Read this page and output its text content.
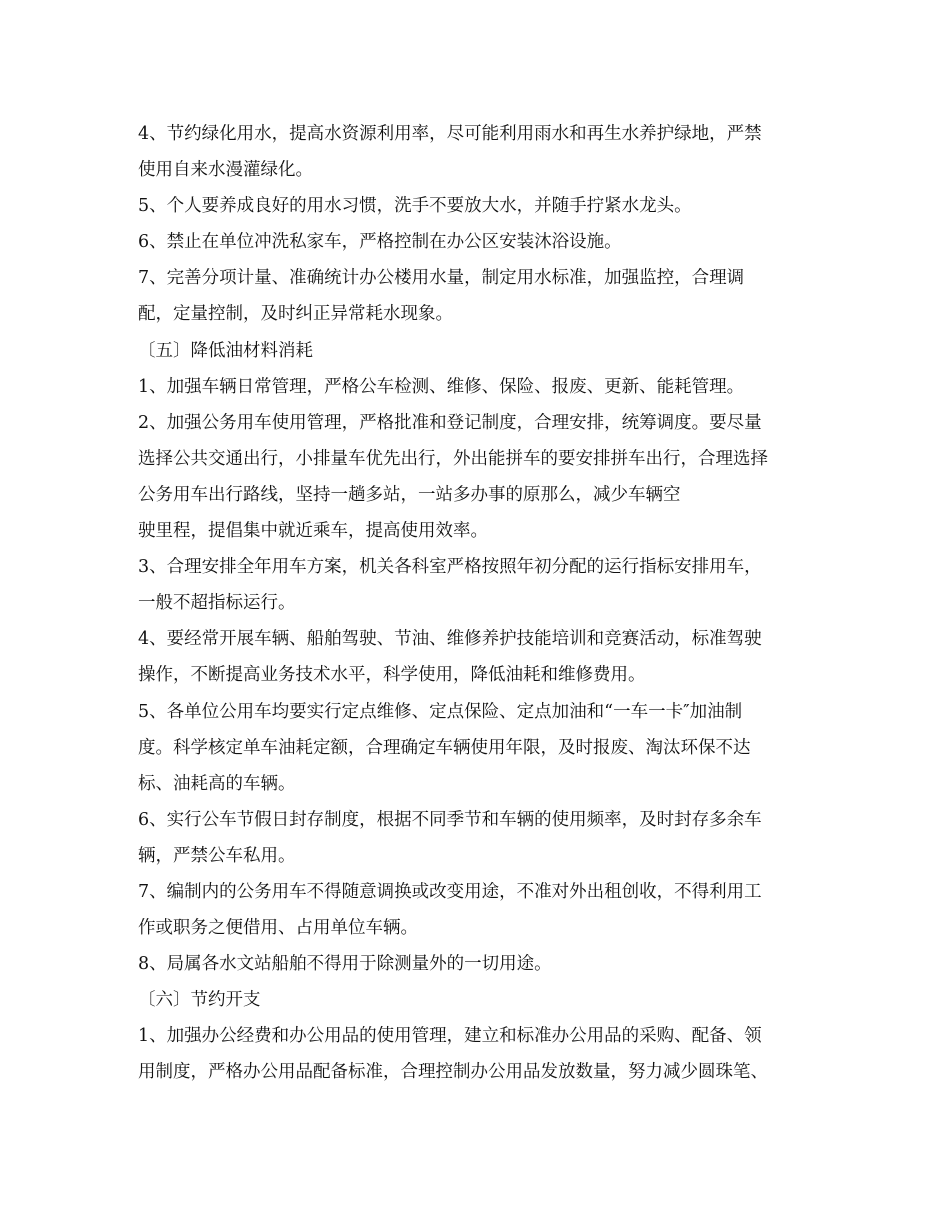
4、节约绿化用水，提高水资源利用率，尽可能利用雨水和再生水养护绿地，严禁
使用自来水漫灌绿化。
5、个人要养成良好的用水习惯，洗手不要放大水，并随手拧紧水龙头。
6、禁止在单位冲洗私家车，严格控制在办公区安装沐浴设施。
7、完善分项计量、准确统计办公楼用水量，制定用水标准，加强监控，合理调
配，定量控制，及时纠正异常耗水现象。
〔五〕降低油材料消耗
1、加强车辆日常管理，严格公车检测、维修、保险、报废、更新、能耗管理。
2、加强公务用车使用管理，严格批准和登记制度，合理安排，统筹调度。要尽量
选择公共交通出行，小排量车优先出行，外出能拼车的要安排拼车出行，合理选择
公务用车出行路线，坚持一趟多站，一站多办事的原那么，减少车辆空
驶里程，提倡集中就近乘车，提高使用效率。
3、合理安排全年用车方案，机关各科室严格按照年初分配的运行指标安排用车，
一般不超指标运行。
4、要经常开展车辆、船舶驾驶、节油、维修养护技能培训和竞赛活动，标准驾驶
操作，不断提高业务技术水平，科学使用，降低油耗和维修费用。
5、各单位公用车均要实行定点维修、定点保险、定点加油和“一车一卡″加油制
度。科学核定单车油耗定额，合理确定车辆使用年限，及时报废、淘汰环保不达
标、油耗高的车辆。
6、实行公车节假日封存制度，根据不同季节和车辆的使用频率，及时封存多余车
辆，严禁公车私用。
7、编制内的公务用车不得随意调换或改变用途，不准对外出租创收，不得利用工
作或职务之便借用、占用单位车辆。
8、局属各水文站船舶不得用于除测量外的一切用途。
〔六〕节约开支
1、加强办公经费和办公用品的使用管理，建立和标准办公用品的采购、配备、领
用制度，严格办公用品配备标准，合理控制办公用品发放数量，努力减少圆珠笔、
